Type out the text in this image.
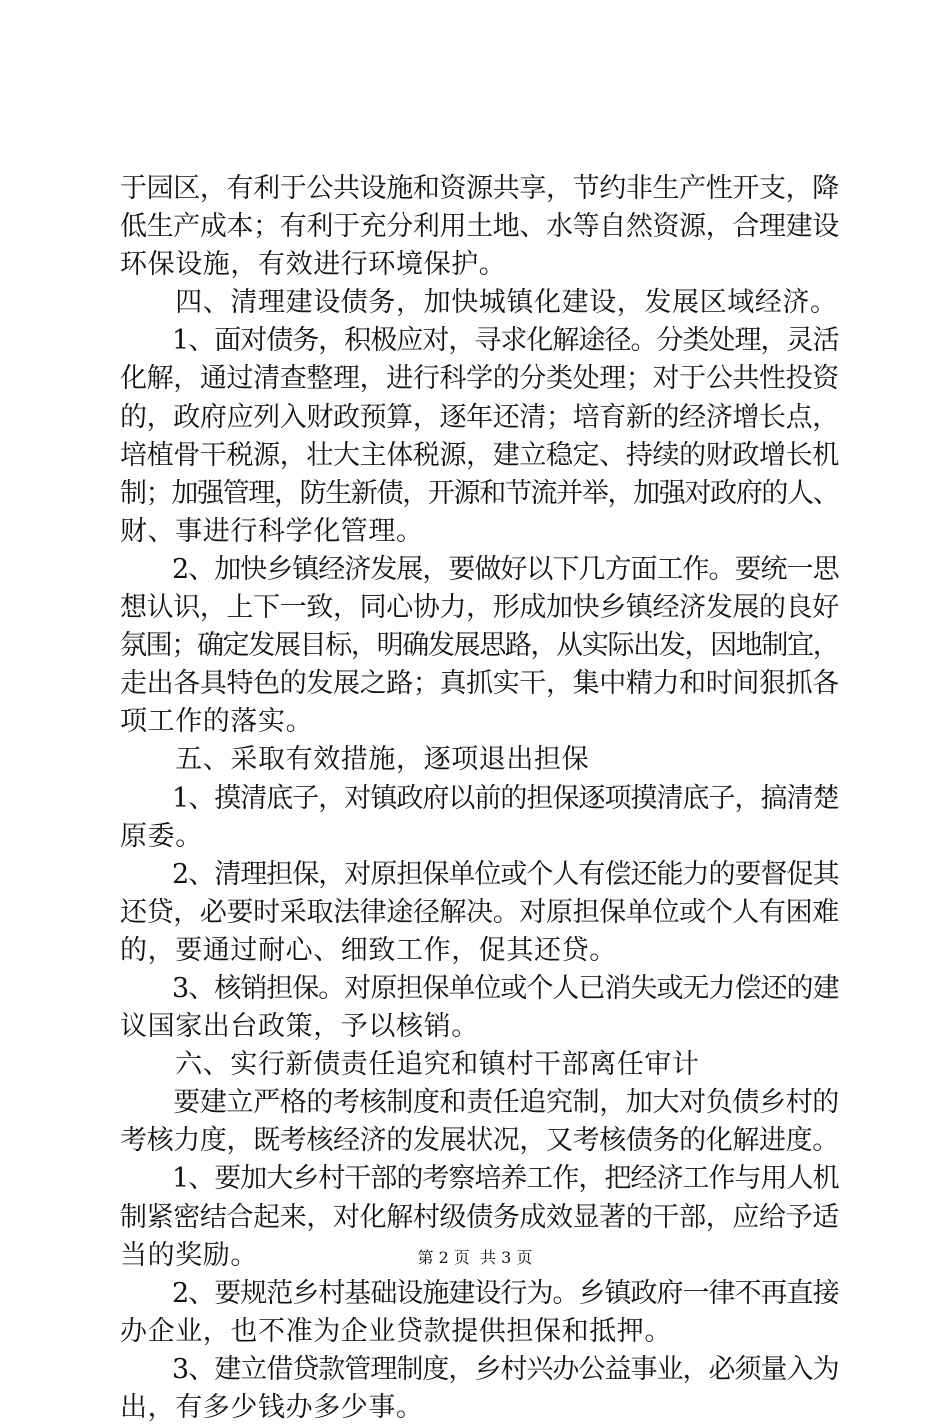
于园区，有利于公共设施和资源共享，节约非生产性开支，降

低生产成本；有利于充分利用土地、水等自然资源，合理建设

环保设施，有效进行环境保护。

　　四、清理建设债务，加快城镇化建设，发展区域经济。

　　1、面对债务，积极应对，寻求化解途径。分类处理，灵活

化解，通过清查整理，进行科学的分类处理；对于公共性投资

的，政府应列入财政预算，逐年还清；培育新的经济增长点，

培植骨干税源，壮大主体税源，建立稳定、持续的财政增长机

制；加强管理，防生新债，开源和节流并举，加强对政府的人、

财、事进行科学化管理。

　　2、加快乡镇经济发展，要做好以下几方面工作。要统一思

想认识，上下一致，同心协力，形成加快乡镇经济发展的良好

氛围；确定发展目标，明确发展思路，从实际出发，因地制宜，

走出各具特色的发展之路；真抓实干，集中精力和时间狠抓各

项工作的落实。

　　五、采取有效措施，逐项退出担保

　　1、摸清底子，对镇政府以前的担保逐项摸清底子，搞清楚

原委。

　　2、清理担保，对原担保单位或个人有偿还能力的要督促其

还贷，必要时采取法律途径解决。对原担保单位或个人有困难

的，要通过耐心、细致工作，促其还贷。

　　3、核销担保。对原担保单位或个人已消失或无力偿还的建

议国家出台政策，予以核销。

　　六、实行新债责任追究和镇村干部离任审计

　　要建立严格的考核制度和责任追究制，加大对负债乡村的

考核力度，既考核经济的发展状况，又考核债务的化解进度。

　　1、要加大乡村干部的考察培养工作，把经济工作与用人机

制紧密结合起来，对化解村级债务成效显著的干部，应给予适

当的奖励。

　　2、要规范乡村基础设施建设行为。乡镇政府一律不再直接

办企业，也不准为企业贷款提供担保和抵押。

　　3、建立借贷款管理制度，乡村兴办公益事业，必须量入为

出，有多少钱办多少事。

第 2 页  共 3 页
